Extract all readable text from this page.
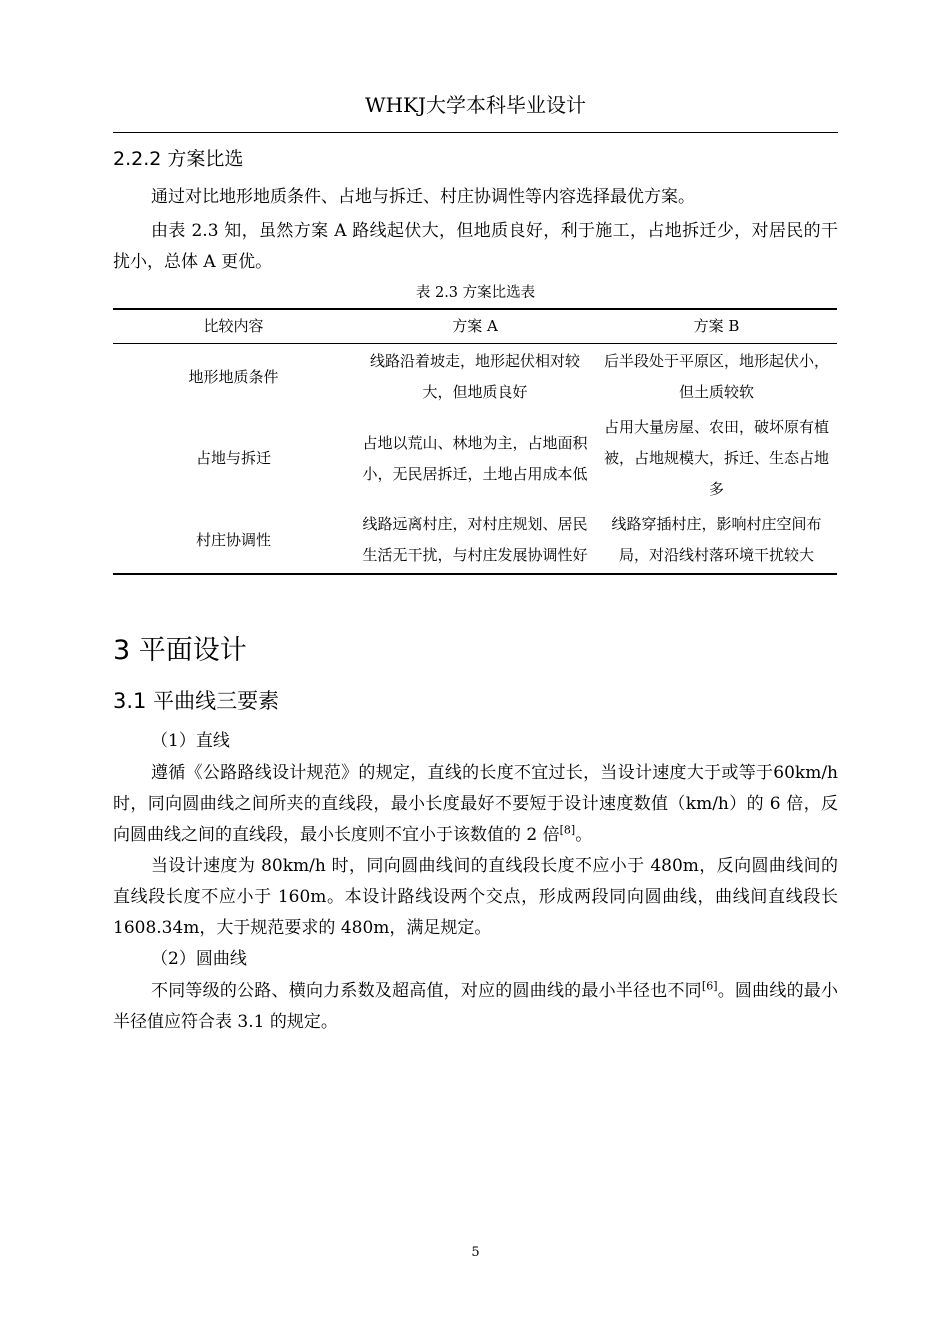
WHKJ大学本科毕业设计
2.2.2 方案比选

通过对比地形地质条件、占地与拆迁、村庄协调性等内容选择最优方案。

由表 2.3 知，虽然方案 A 路线起伏大，但地质良好，利于施工，占地拆迁少，对居民的干扰小，总体 A 更优。

表 2.3 方案比选表
比较内容	方案 A	方案 B
地形地质条件	线路沿着坡走，地形起伏相对较大，但地质良好	后半段处于平原区，地形起伏小，但土质较软
占地与拆迁	占地以荒山、林地为主，占地面积小，无民居拆迁，土地占用成本低	占用大量房屋、农田，破坏原有植被，占地规模大，拆迁、生态占地多
村庄协调性	线路远离村庄，对村庄规划、居民生活无干扰，与村庄发展协调性好	线路穿插村庄，影响村庄空间布局，对沿线村落环境干扰较大
3 平面设计
3.1 平曲线三要素

（1）直线

遵循《公路路线设计规范》的规定，直线的长度不宜过长，当设计速度大于或等于60km/h时，同向圆曲线之间所夹的直线段，最小长度最好不要短于设计速度数值（km/h）的 6 倍，反向圆曲线之间的直线段，最小长度则不宜小于该数值的 2 倍[8]。

当设计速度为 80km/h 时，同向圆曲线间的直线段长度不应小于 480m，反向圆曲线间的直线段长度不应小于 160m。本设计路线设两个交点，形成两段同向圆曲线，曲线间直线段长 1608.34m，大于规范要求的 480m，满足规定。

（2）圆曲线

不同等级的公路、横向力系数及超高值，对应的圆曲线的最小半径也不同[6]。圆曲线的最小半径值应符合表 3.1 的规定。

5
